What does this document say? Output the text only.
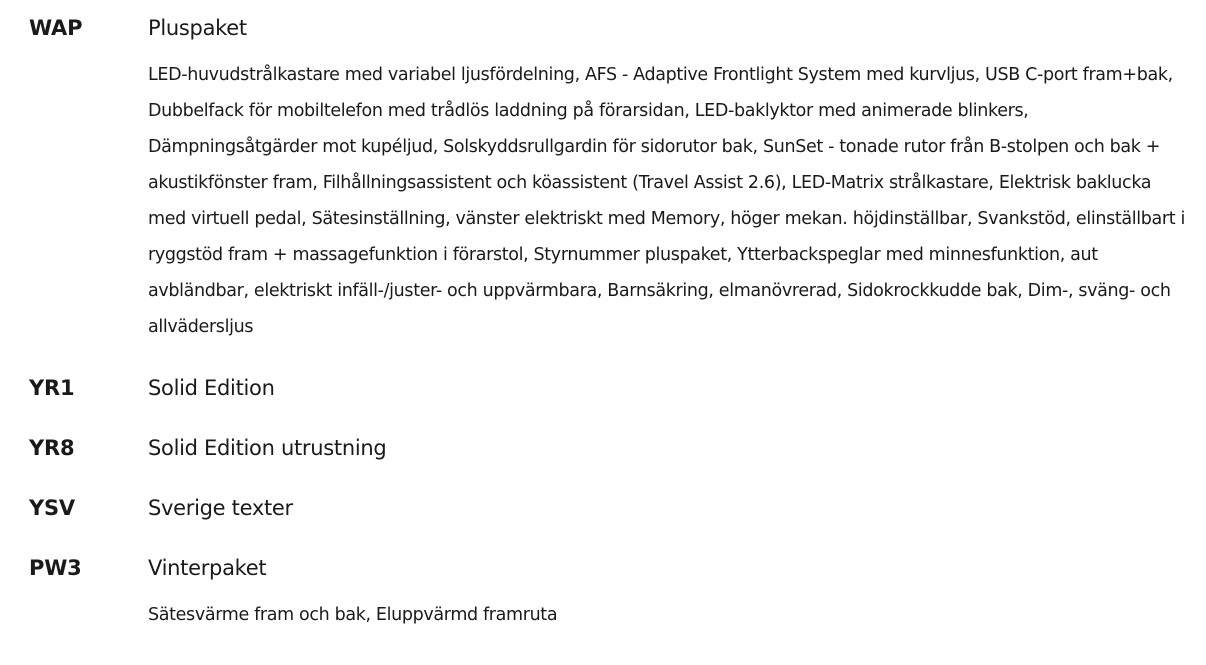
WAP	Pluspaket
LED-huvudstrålkastare med variabel ljusfördelning, AFS - Adaptive Frontlight System med kurvljus, USB C-port fram+bak, Dubbelfack för mobiltelefon med trådlös laddning på förarsidan, LED-baklyktor med animerade blinkers, Dämpningsåtgärder mot kupéljud, Solskyddsrullgardin för sidorutor bak, SunSet - tonade rutor från B-stolpen och bak + akustikfönster fram, Filhållningsassistent och köassistent (Travel Assist 2.6), LED-Matrix strålkastare, Elektrisk baklucka med virtuell pedal, Sätesinställning, vänster elektriskt med Memory, höger mekan. höjdinställbar, Svankstöd, elinställbart i ryggstöd fram + massagefunktion i förarstol, Styrnummer pluspaket, Ytterbackspeglar med minnesfunktion, aut avbländbar, elektriskt infäll-/juster- och uppvärmbara, Barnsäkring, elmanövrerad, Sidokrockkudde bak, Dim-, sväng- och allvädersljus
YR1	Solid Edition
YR8	Solid Edition utrustning
YSV	Sverige texter
PW3	Vinterpaket
Sätesvärme fram och bak, Eluppvärmd framruta
